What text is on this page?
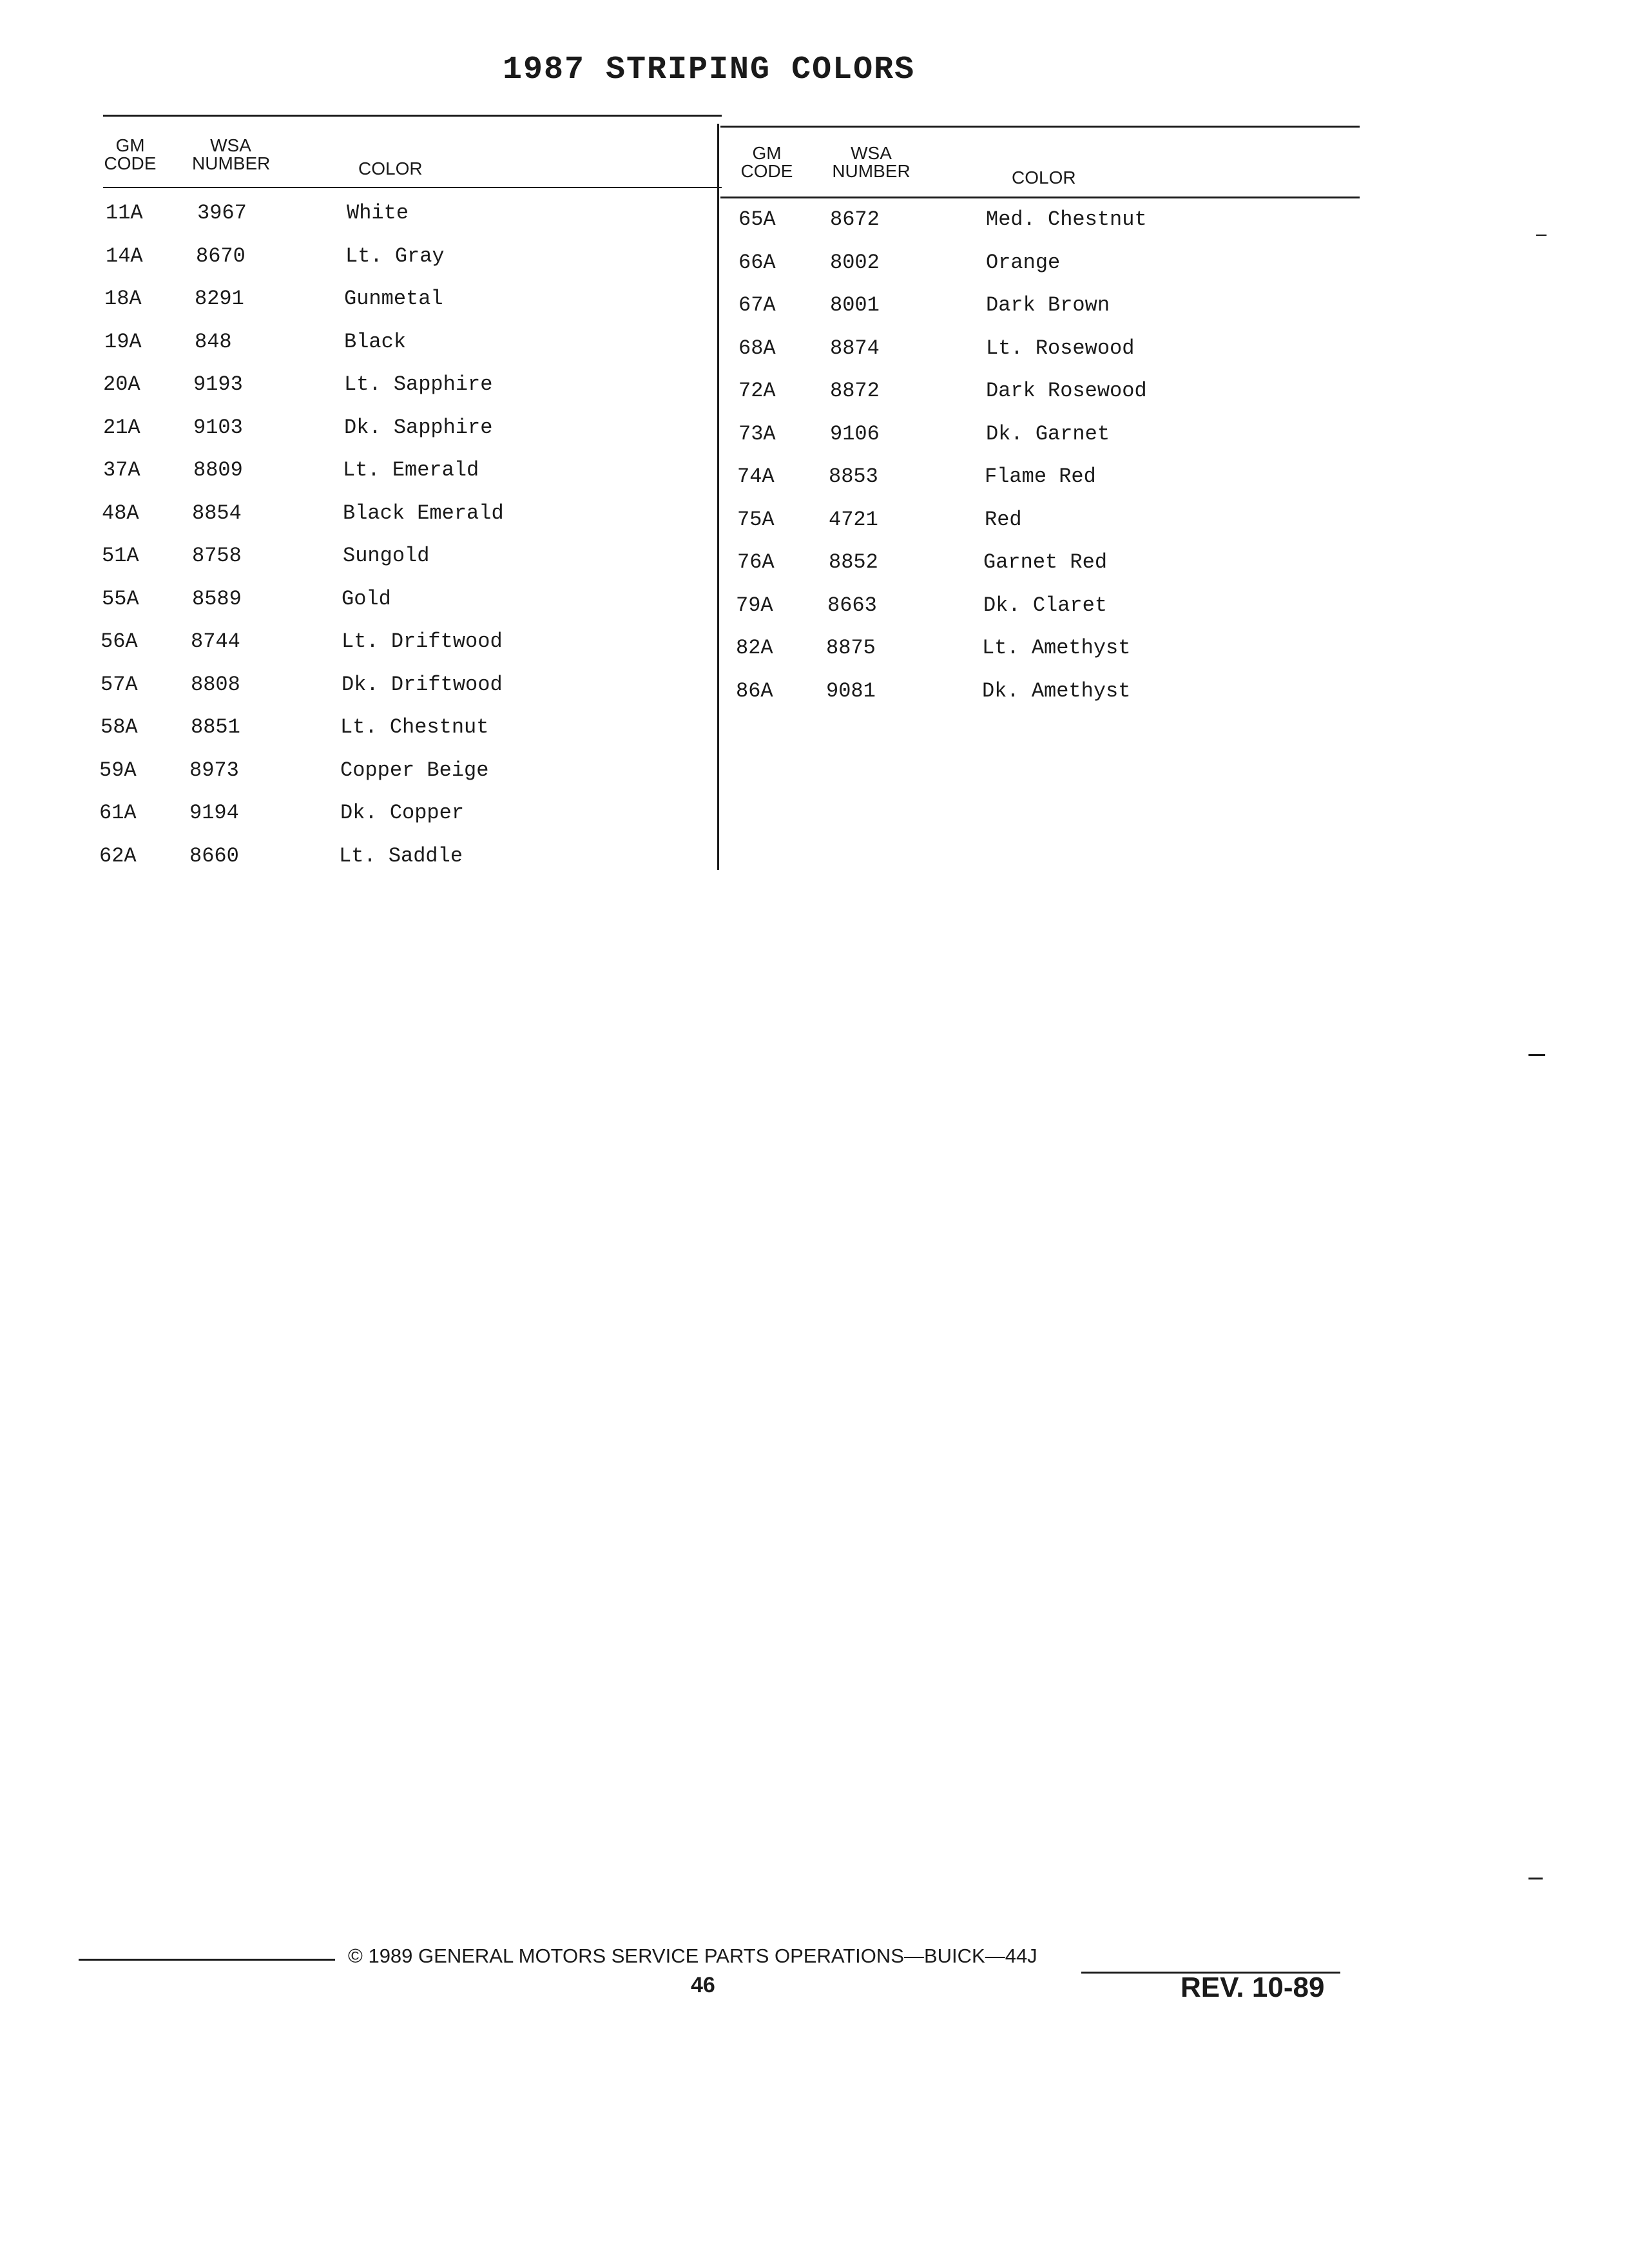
1987 STRIPING COLORS
GM
CODE
WSA
NUMBER	COLOR
GM
CODE
WSA
NUMBER	COLOR
11A	3967	White
14A	8670	Lt. Gray
18A	8291	Gunmetal
19A	848	Black
20A	9193	Lt. Sapphire
21A	9103	Dk. Sapphire
37A	8809	Lt. Emerald
48A	8854	Black Emerald
51A	8758	Sungold
55A	8589	Gold
56A	8744	Lt. Driftwood
57A	8808	Dk. Driftwood
58A	8851	Lt. Chestnut
59A	8973	Copper Beige
61A	9194	Dk. Copper
62A	8660	Lt. Saddle
65A	8672	Med. Chestnut
66A	8002	Orange
67A	8001	Dark Brown
68A	8874	Lt. Rosewood
72A	8872	Dark Rosewood
73A	9106	Dk. Garnet
74A	8853	Flame Red
75A	4721	Red
76A	8852	Garnet Red
79A	8663	Dk. Claret
82A	8875	Lt. Amethyst
86A	9081	Dk. Amethyst
© 1989 GENERAL MOTORS SERVICE PARTS OPERATIONS—BUICK—44J
46	REV. 10-89
